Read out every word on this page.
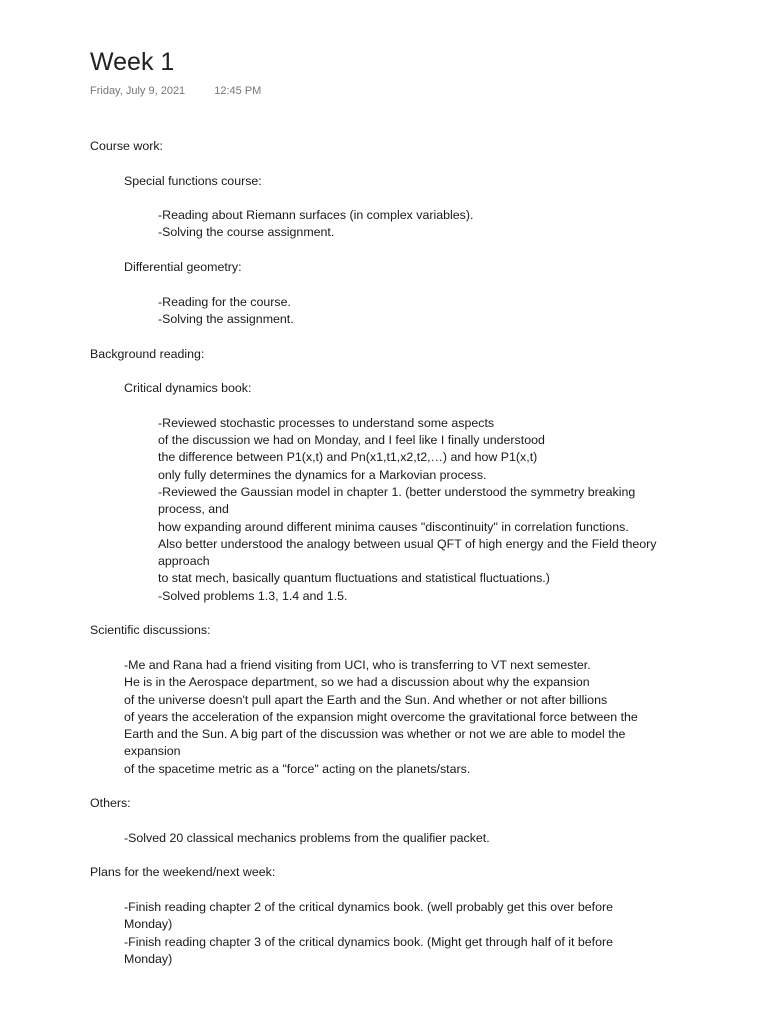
Week 1
Friday, July 9, 2021	12:45 PM
Course work:
Special functions course:
-Reading about Riemann surfaces (in complex variables).
-Solving the course assignment.
Differential geometry:
-Reading for the course.
-Solving the assignment.
Background reading:
Critical dynamics book:
-Reviewed stochastic processes to understand some aspects
of the discussion we had on Monday, and I feel like I finally understood
the difference between P1(x,t) and Pn(x1,t1,x2,t2,…) and how P1(x,t)
only fully determines the dynamics for a Markovian process.
-Reviewed the Gaussian model in chapter 1. (better understood the symmetry breaking
process, and
how expanding around different minima causes "discontinuity" in correlation functions.
Also better understood the analogy between usual QFT of high energy and the Field theory
approach
to stat mech, basically quantum fluctuations and statistical fluctuations.)
-Solved problems 1.3, 1.4 and 1.5.
Scientific discussions:
-Me and Rana had a friend visiting from UCI, who is transferring to VT next semester.
He is in the Aerospace department, so we had a discussion about why the expansion
of the universe doesn't pull apart the Earth and the Sun. And whether or not after billions
of years the acceleration of the expansion might overcome the gravitational force between the
Earth and the Sun. A big part of the discussion was whether or not we are able to model the
expansion
of the spacetime metric as a "force" acting on the planets/stars.
Others:
-Solved 20 classical mechanics problems from the qualifier packet.
Plans for the weekend/next week:
-Finish reading chapter 2 of the critical dynamics book. (well probably get this over before
Monday)
-Finish reading chapter 3 of the critical dynamics book. (Might get through half of it before
Monday)
